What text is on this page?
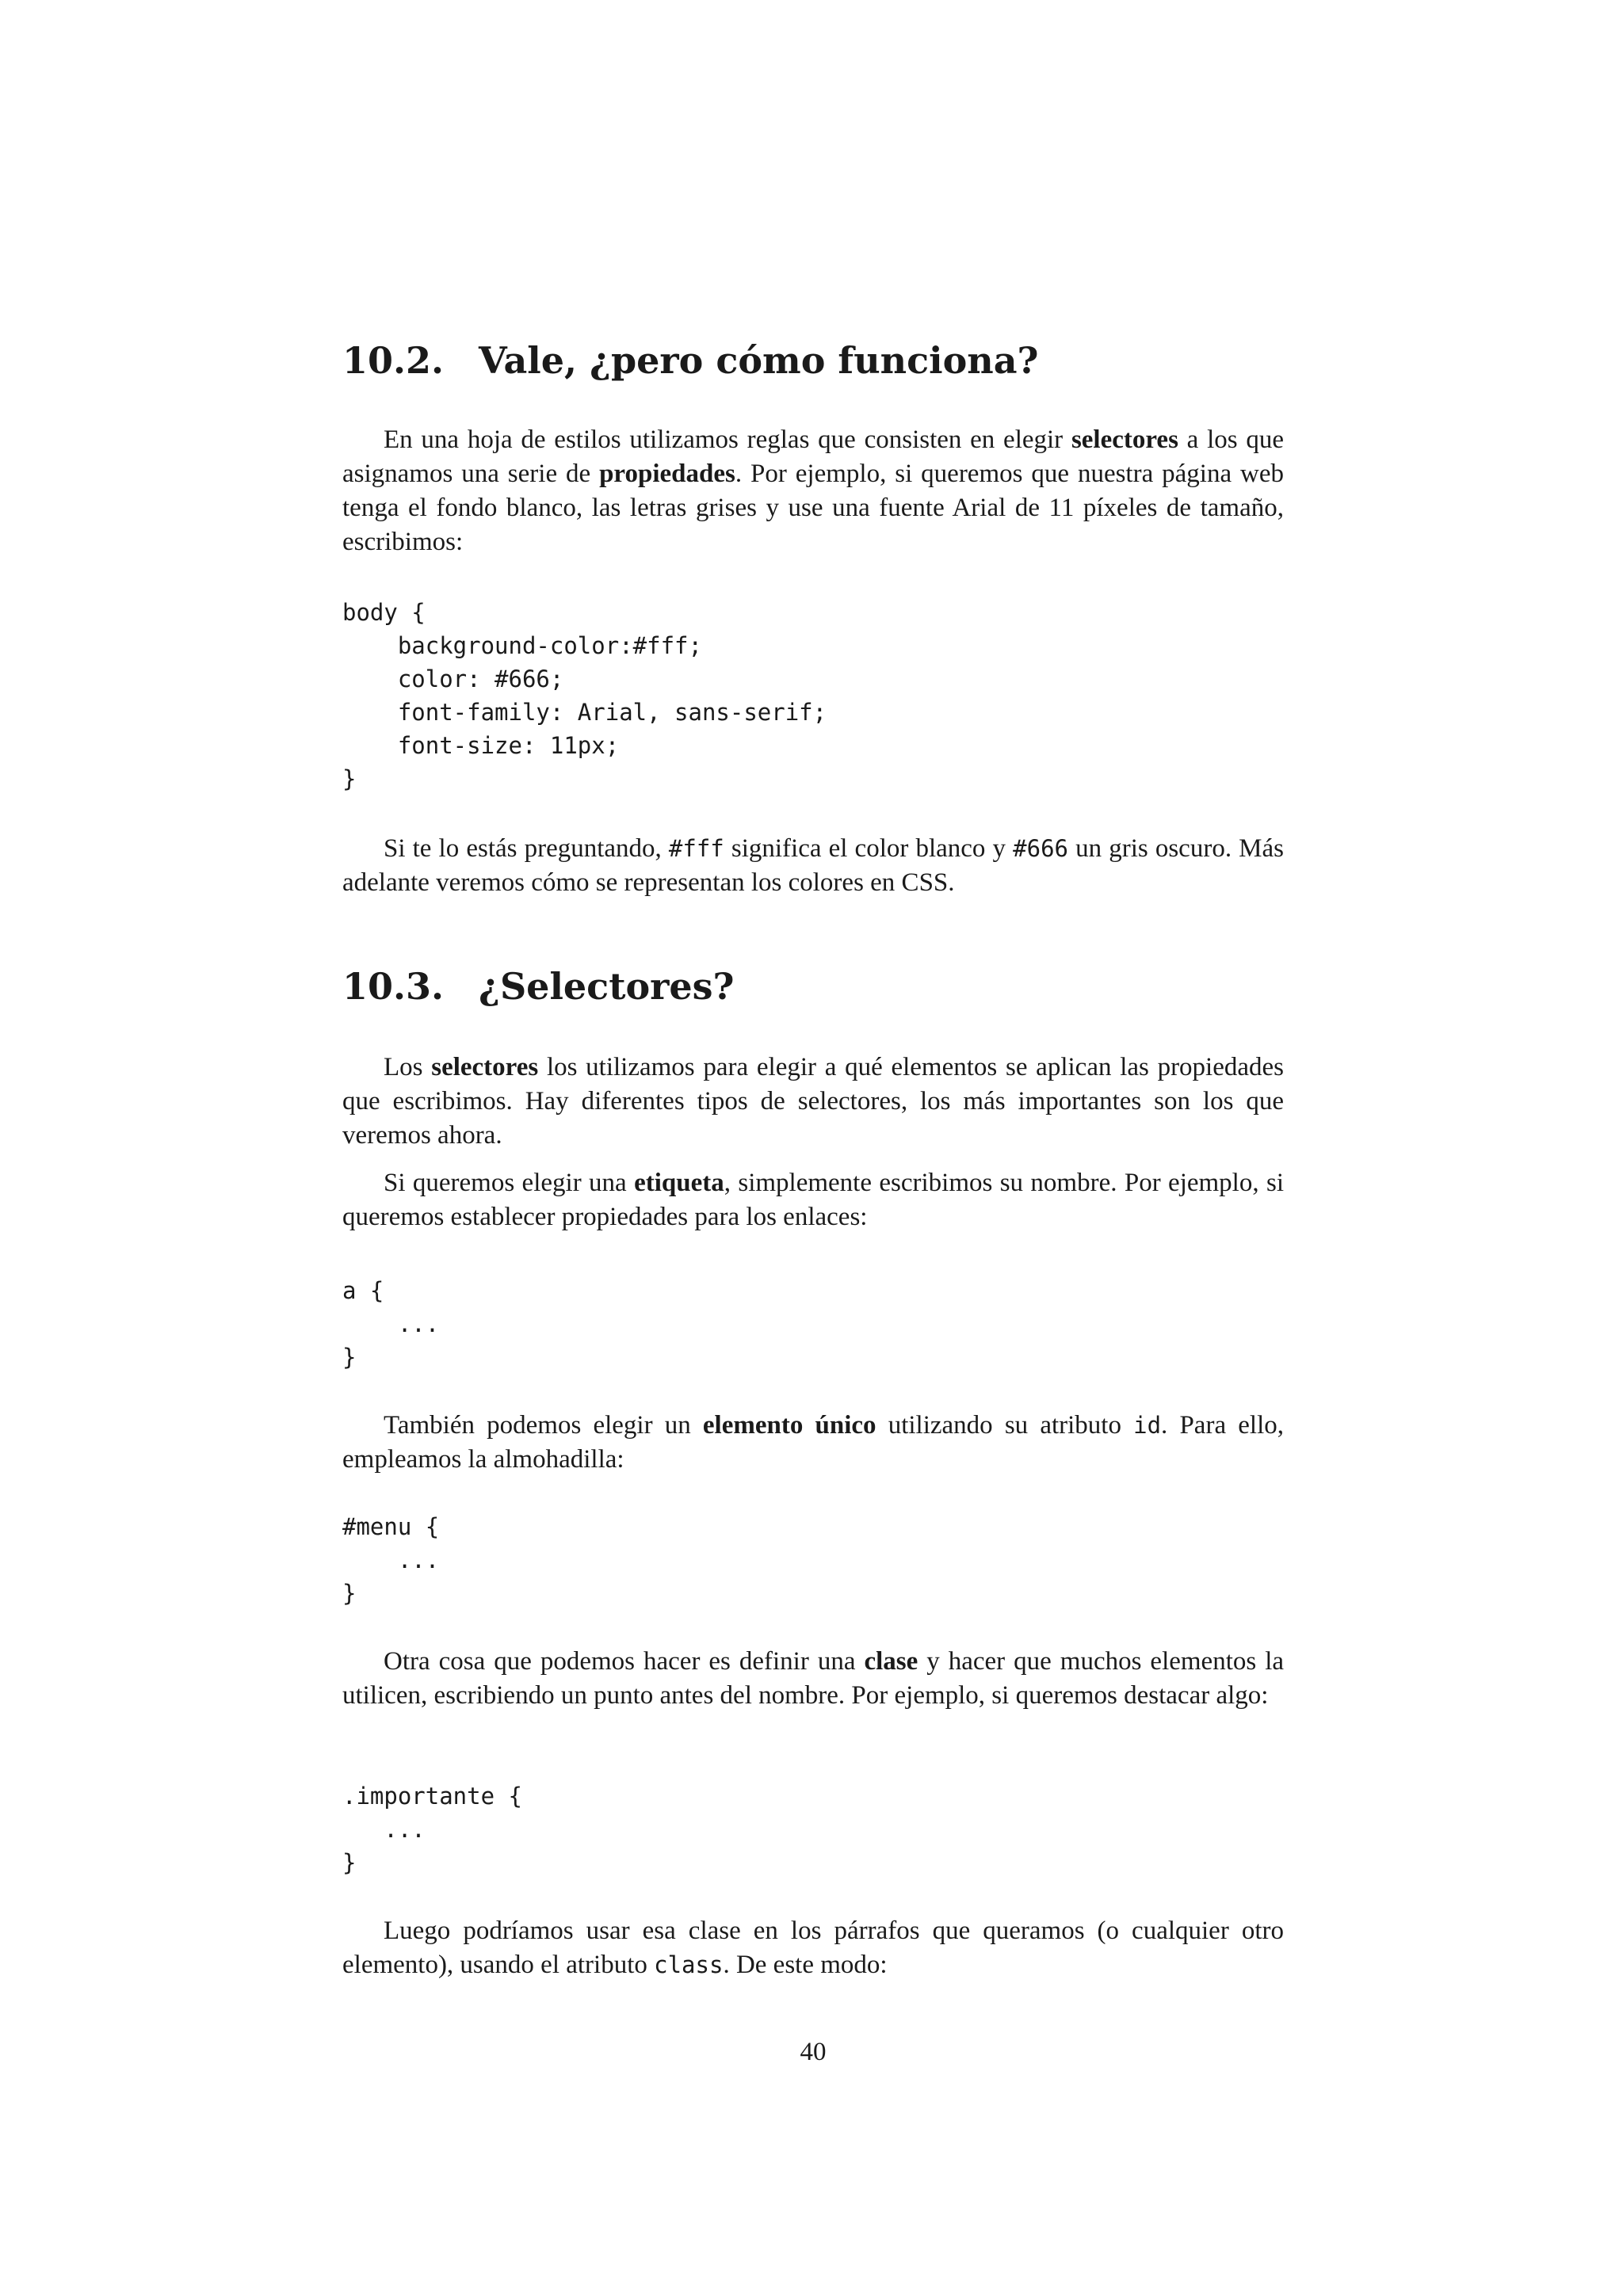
10.2. Vale, ¿pero cómo funciona?

En una hoja de estilos utilizamos reglas que consisten en elegir selectores a los que asignamos una serie de propiedades. Por ejemplo, si queremos que nuestra página web tenga el fondo blanco, las letras grises y use una fuente Arial de 11 píxeles de tamaño, escribimos:

body {
background-color:#fff;
color: #666;
font-family: Arial, sans-serif;
font-size: 11px;
}

Si te lo estás preguntando, #fff significa el color blanco y #666 un gris oscuro. Más adelante veremos cómo se representan los colores en CSS.

10.3. ¿Selectores?

Los selectores los utilizamos para elegir a qué elementos se aplican las propiedades que escribimos. Hay diferentes tipos de selectores, los más importantes son los que veremos ahora.

Si queremos elegir una etiqueta, simplemente escribimos su nombre. Por ejemplo, si queremos establecer propiedades para los enlaces:

a {
...
}

También podemos elegir un elemento único utilizando su atributo id. Para ello, empleamos la almohadilla:

#menu {
...
}

Otra cosa que podemos hacer es definir una clase y hacer que muchos elementos la utilicen, escribiendo un punto antes del nombre. Por ejemplo, si queremos destacar algo:

.importante {
...
}

Luego podríamos usar esa clase en los párrafos que queramos (o cualquier otro elemento), usando el atributo class. De este modo:

40
